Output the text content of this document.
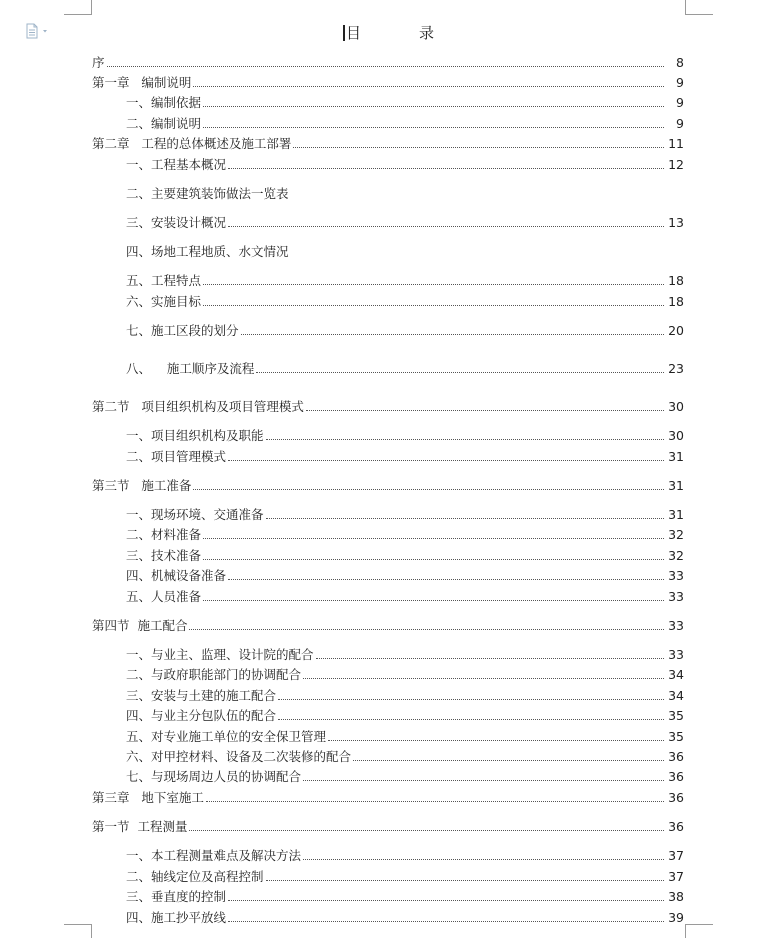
目	录
序	8
第一章   编制说明	9
一、编制依据	9
二、编制说明	9
第二章   工程的总体概述及施工部署	11
一、工程基本概况	12
二、主要建筑装饰做法一览表
三、安装设计概况	13
四、场地工程地质、水文情况
五、工程特点	18
六、实施目标	18
七、施工区段的划分	20
八、    施工顺序及流程	23
第二节   项目组织机构及项目管理模式	30
一、项目组织机构及职能	30
二、项目管理模式	31
第三节   施工准备	31
一、现场环境、交通准备	31
二、材料准备	32
三、技术准备	32
四、机械设备准备	33
五、人员准备	33
第四节  施工配合	33
一、与业主、监理、设计院的配合	33
二、与政府职能部门的协调配合	34
三、安装与土建的施工配合	34
四、与业主分包队伍的配合	35
五、对专业施工单位的安全保卫管理	35
六、对甲控材料、设备及二次装修的配合	36
七、与现场周边人员的协调配合	36
第三章   地下室施工	36
第一节  工程测量	36
一、本工程测量难点及解决方法	37
二、轴线定位及高程控制	37
三、垂直度的控制	38
四、施工抄平放线	39
